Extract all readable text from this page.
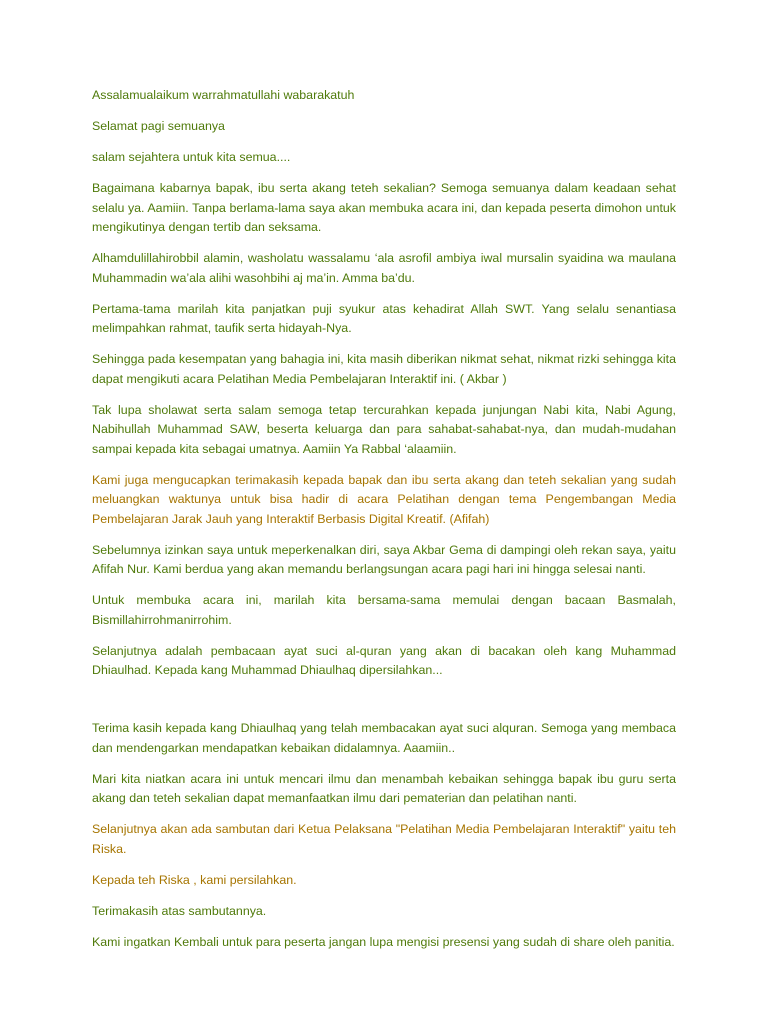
Assalamualaikum warrahmatullahi wabarakatuh

Selamat pagi semuanya

salam sejahtera untuk kita semua....

Bagaimana kabarnya bapak, ibu serta akang teteh sekalian? Semoga semuanya dalam keadaan sehat selalu ya. Aamiin. Tanpa berlama-lama saya akan membuka acara ini, dan kepada peserta dimohon untuk mengikutinya dengan tertib dan seksama.

Alhamdulillahirobbil alamin, washolatu wassalamu ‘ala asrofil ambiya iwal mursalin syaidina wa maulana Muhammadin wa’ala alihi wasohbihi aj ma’in. Amma ba’du.

Pertama-tama marilah kita panjatkan puji syukur atas kehadirat Allah SWT. Yang selalu senantiasa melimpahkan rahmat, taufik serta hidayah-Nya.

Sehingga pada kesempatan yang bahagia ini, kita masih diberikan nikmat sehat, nikmat rizki sehingga kita dapat mengikuti acara Pelatihan Media Pembelajaran Interaktif ini. ( Akbar )

Tak lupa sholawat serta salam semoga tetap tercurahkan kepada junjungan Nabi kita, Nabi Agung, Nabihullah Muhammad SAW, beserta keluarga dan para sahabat-sahabat-nya, dan mudah-mudahan sampai kepada kita sebagai umatnya. Aamiin Ya Rabbal ‘alaamiin.

Kami juga mengucapkan terimakasih kepada bapak dan ibu serta akang dan teteh sekalian yang sudah meluangkan waktunya untuk bisa hadir di acara Pelatihan dengan tema Pengembangan Media Pembelajaran Jarak Jauh yang Interaktif Berbasis Digital Kreatif. (Afifah)

Sebelumnya izinkan saya untuk meperkenalkan diri, saya Akbar Gema di dampingi oleh rekan saya, yaitu Afifah Nur. Kami berdua yang akan memandu berlangsungan acara pagi hari ini hingga selesai nanti.

Untuk membuka acara ini, marilah kita bersama-sama memulai dengan bacaan Basmalah, Bismillahirrohmanirrohim.

Selanjutnya adalah pembacaan ayat suci al-quran yang akan di bacakan oleh kang Muhammad Dhiaulhad. Kepada kang Muhammad Dhiaulhaq dipersilahkan...

Terima kasih kepada kang Dhiaulhaq yang telah membacakan ayat suci alquran. Semoga yang membaca dan mendengarkan mendapatkan kebaikan didalamnya. Aaamiin..

Mari kita niatkan acara ini untuk mencari ilmu dan menambah kebaikan sehingga bapak ibu guru serta akang dan teteh sekalian dapat memanfaatkan ilmu dari pematerian dan pelatihan nanti.

Selanjutnya akan ada sambutan dari Ketua Pelaksana "Pelatihan Media Pembelajaran Interaktif" yaitu teh Riska.

Kepada teh Riska , kami persilahkan.

Terimakasih atas sambutannya.

Kami ingatkan Kembali untuk para peserta jangan lupa mengisi presensi yang sudah di share oleh panitia.
